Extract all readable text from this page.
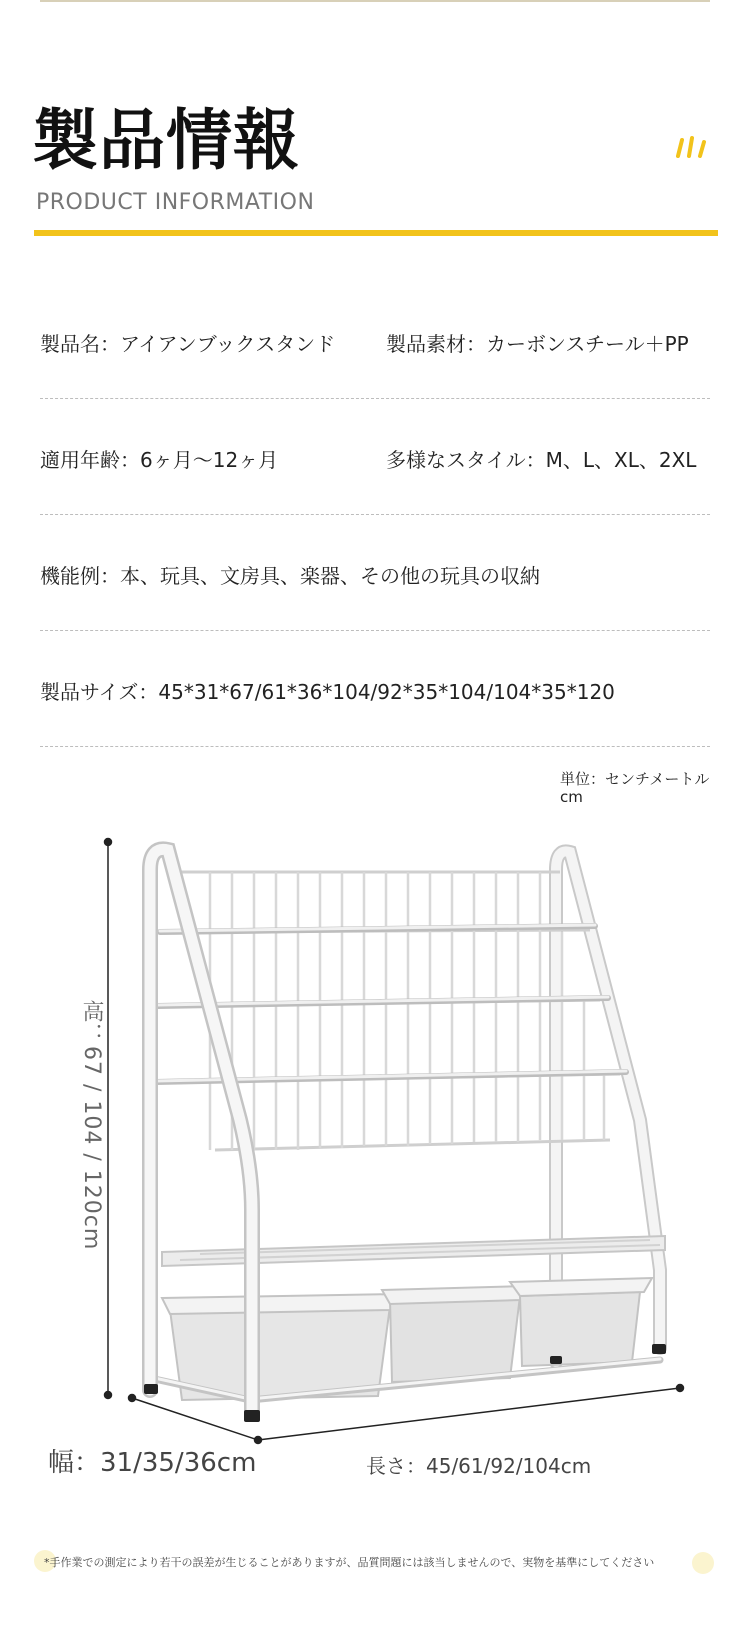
製品情報
PRODUCT INFORMATION
製品名：アイアンブックスタンド	製品素材：カーボンスチール＋PP
適用年齢：6ヶ月〜12ヶ月	多様なスタイル：M、L、XL、2XL
機能例：本、玩具、文房具、楽器、その他の玩具の収納
製品サイズ：45*31*67/61*36*104/92*35*104/104*35*120
単位：センチメートルcm
高：67 / 104 / 120cm
幅：31/35/36cm	長さ：45/61/92/104cm
*手作業での測定により若干の誤差が生じることがありますが、品質問題には該当しませんので、実物を基準にしてください
